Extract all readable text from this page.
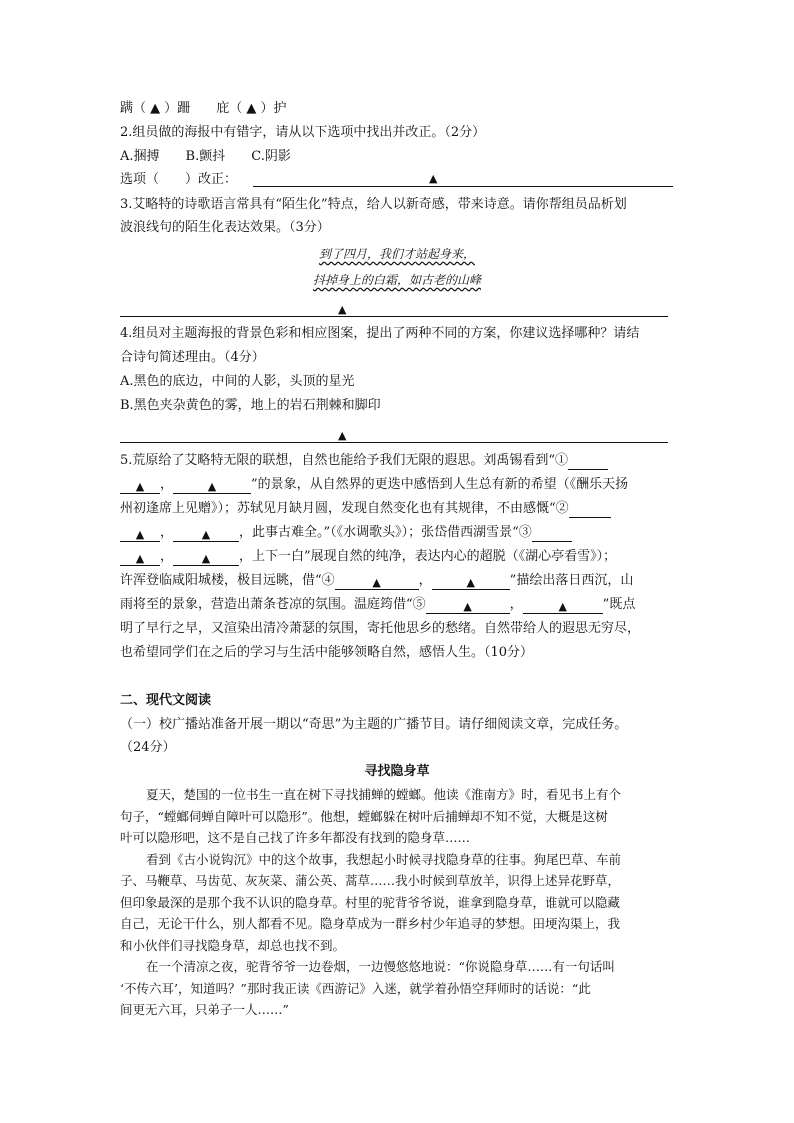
蹒（ ▲ ）跚　　庇（ ▲ ）护
2.组员做的海报中有错字，请从以下选项中找出并改正。（2分）
A.捆搏　　B.颤抖　　C.阴影
选项（　　）改正：	▲
3.艾略特的诗歌语言常具有“陌生化”特点，给人以新奇感，带来诗意。请你帮组员品析划
波浪线句的陌生化表达效果。（3分）
到了四月，我们才站起身来，
抖掉身上的白霜，如古老的山峰
▲
4.组员对主题海报的背景色彩和相应图案，提出了两种不同的方案，你建议选择哪种？请结
合诗句简述理由。（4分）
A.黑色的底边，中间的人影，头顶的星光
B.黑色夹杂黄色的雾，地上的岩石荆棘和脚印
▲
5.荒原给了艾略特无限的联想，自然也能给予我们无限的遐思。刘禹锡看到“①
▲ ，	▲	”的景象，从自然界的更迭中感悟到人生总有新的希望（《酬乐天扬
州初逢席上见赠》）；苏轼见月缺月圆，发现自然变化也有其规律，不由感慨“②
▲ ，	▲ ，此事古难全。”（《水调歌头》）；张岱借西湖雪景“③
▲ ，	▲ ，上下一白”展现自然的纯净，表达内心的超脱（《湖心亭看雪》）；
许浑登临咸阳城楼，极目远眺，借“④	▲	，	▲	”描绘出落日西沉，山
雨将至的景象，营造出萧条苍凉的氛围。温庭筠借“⑤	▲	，	▲	”既点
明了早行之早，又渲染出清冷萧瑟的氛围，寄托他思乡的愁绪。自然带给人的遐思无穷尽，
也希望同学们在之后的学习与生活中能够领略自然，感悟人生。（10分）
二、现代文阅读
（一）校广播站准备开展一期以“奇思”为主题的广播节目。请仔细阅读文章，完成任务。
（24分）
寻找隐身草
夏天，楚国的一位书生一直在树下寻找捕蝉的螳螂。他读《淮南方》时，看见书上有个
句子，“螳螂伺蝉自障叶可以隐形”。他想，螳螂躲在树叶后捕蝉却不知不觉，大概是这树
叶可以隐形吧，这不是自己找了许多年都没有找到的隐身草……
看到《古小说钩沉》中的这个故事，我想起小时候寻找隐身草的往事。狗尾巴草、车前
子、马鞭草、马齿苋、灰灰菜、蒲公英、蒿草……我小时候到草放羊，识得上述异花野草，
但印象最深的是那个我不认识的隐身草。村里的驼背爷爷说，谁拿到隐身草，谁就可以隐藏
自己，无论干什么，别人都看不见。隐身草成为一群乡村少年追寻的梦想。田埂沟渠上，我
和小伙伴们寻找隐身草，却总也找不到。
在一个清凉之夜，驼背爷爷一边卷烟，一边慢悠悠地说：“你说隐身草……有一句话叫
‘不传六耳’，知道吗？”那时我正读《西游记》入迷，就学着孙悟空拜师时的话说：“此
间更无六耳，只弟子一人……”
